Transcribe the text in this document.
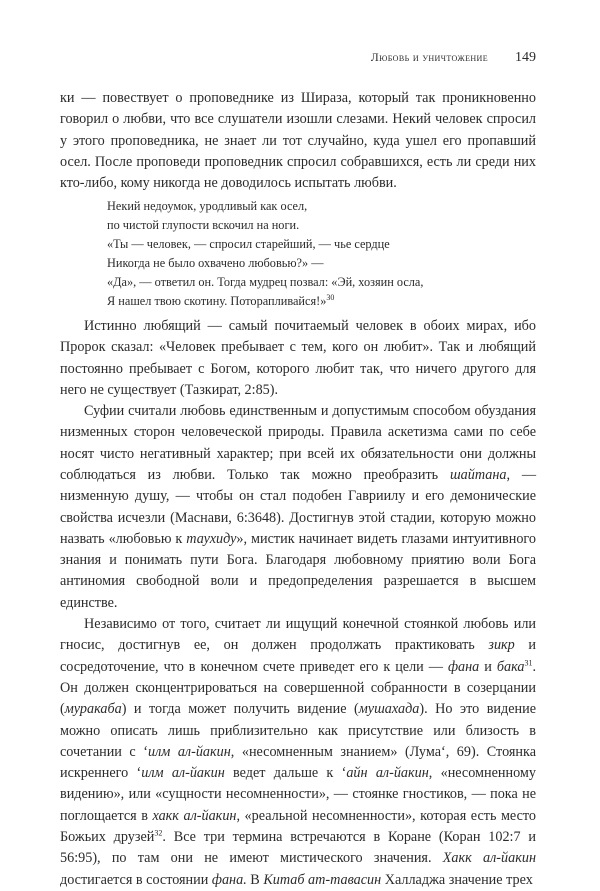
Любовь и уничтожение 149

ки — повествует о проповеднике из Шираза, который так проникновенно говорил о любви, что все слушатели изошли слезами. Некий человек спросил у этого проповедника, не знает ли тот случайно, куда ушел его пропавший осел. После проповеди проповедник спросил собравшихся, есть ли среди них кто-либо, кому никогда не доводилось испытать любви.

Некий недоумок, уродливый как осел,
по чистой глупости вскочил на ноги.
«Ты — человек, — спросил старейший, — чье сердце
Никогда не было охвачено любовью?» —
«Да», — ответил он. Тогда мудрец позвал: «Эй, хозяин осла,
Я нашел твою скотину. Поторапливайся!»$^{30}$

Истинно любящий — самый почитаемый человек в обоих мирах, ибо Пророк сказал: «Человек пребывает с тем, кого он любит». Так и любящий постоянно пребывает с Богом, которого любит так, что ничего другого для него не существует (Тазкират, 2:85).

Суфии считали любовь единственным и допустимым способом обуздания низменных сторон человеческой природы. Правила аскетизма сами по себе носят чисто негативный характер; при всей их обязательности они должны соблюдаться из любви. Только так можно преобразить шайтана, — низменную душу, — чтобы он стал подобен Гавриилу и его демонические свойства исчезли (Маснави, 6:3648). Достигнув этой стадии, которую можно назвать «любовью к таухиду», мистик начинает видеть глазами интуитивного знания и понимать пути Бога. Благодаря любовному приятию воли Бога антиномия свободной воли и предопределения разрешается в высшем единстве.

Независимо от того, считает ли ищущий конечной стоянкой любовь или гносис, достигнув ее, он должен продолжать практиковать зикр и сосредоточение, что в конечном счете приведет его к цели — фана и бака$^{31}$. Он должен сконцентрироваться на совершенной собранности в созерцании (муракаба) и тогда может получить видение (мушахада). Но это видение можно описать лишь приблизительно как присутствие или близость в сочетании с ‘илм ал-йакин, «несомненным знанием» (Лума‘, 69). Стоянка искреннего ‘илм ал-йакин ведет дальше к ‘айн ал-йакин, «несомненному видению», или «сущности несомненности», — стоянке гностиков, — пока не поглощается в хакк ал-йакин, «реальной несомненности», которая есть место Божьих друзей$^{32}$. Все три термина встречаются в Коране (Коран 102:7 и 56:95), по там они не имеют мистического значения. Хакк ал-йакин достигается в состоянии фана. В Китаб ат-тавасин Халладжа значение трех
